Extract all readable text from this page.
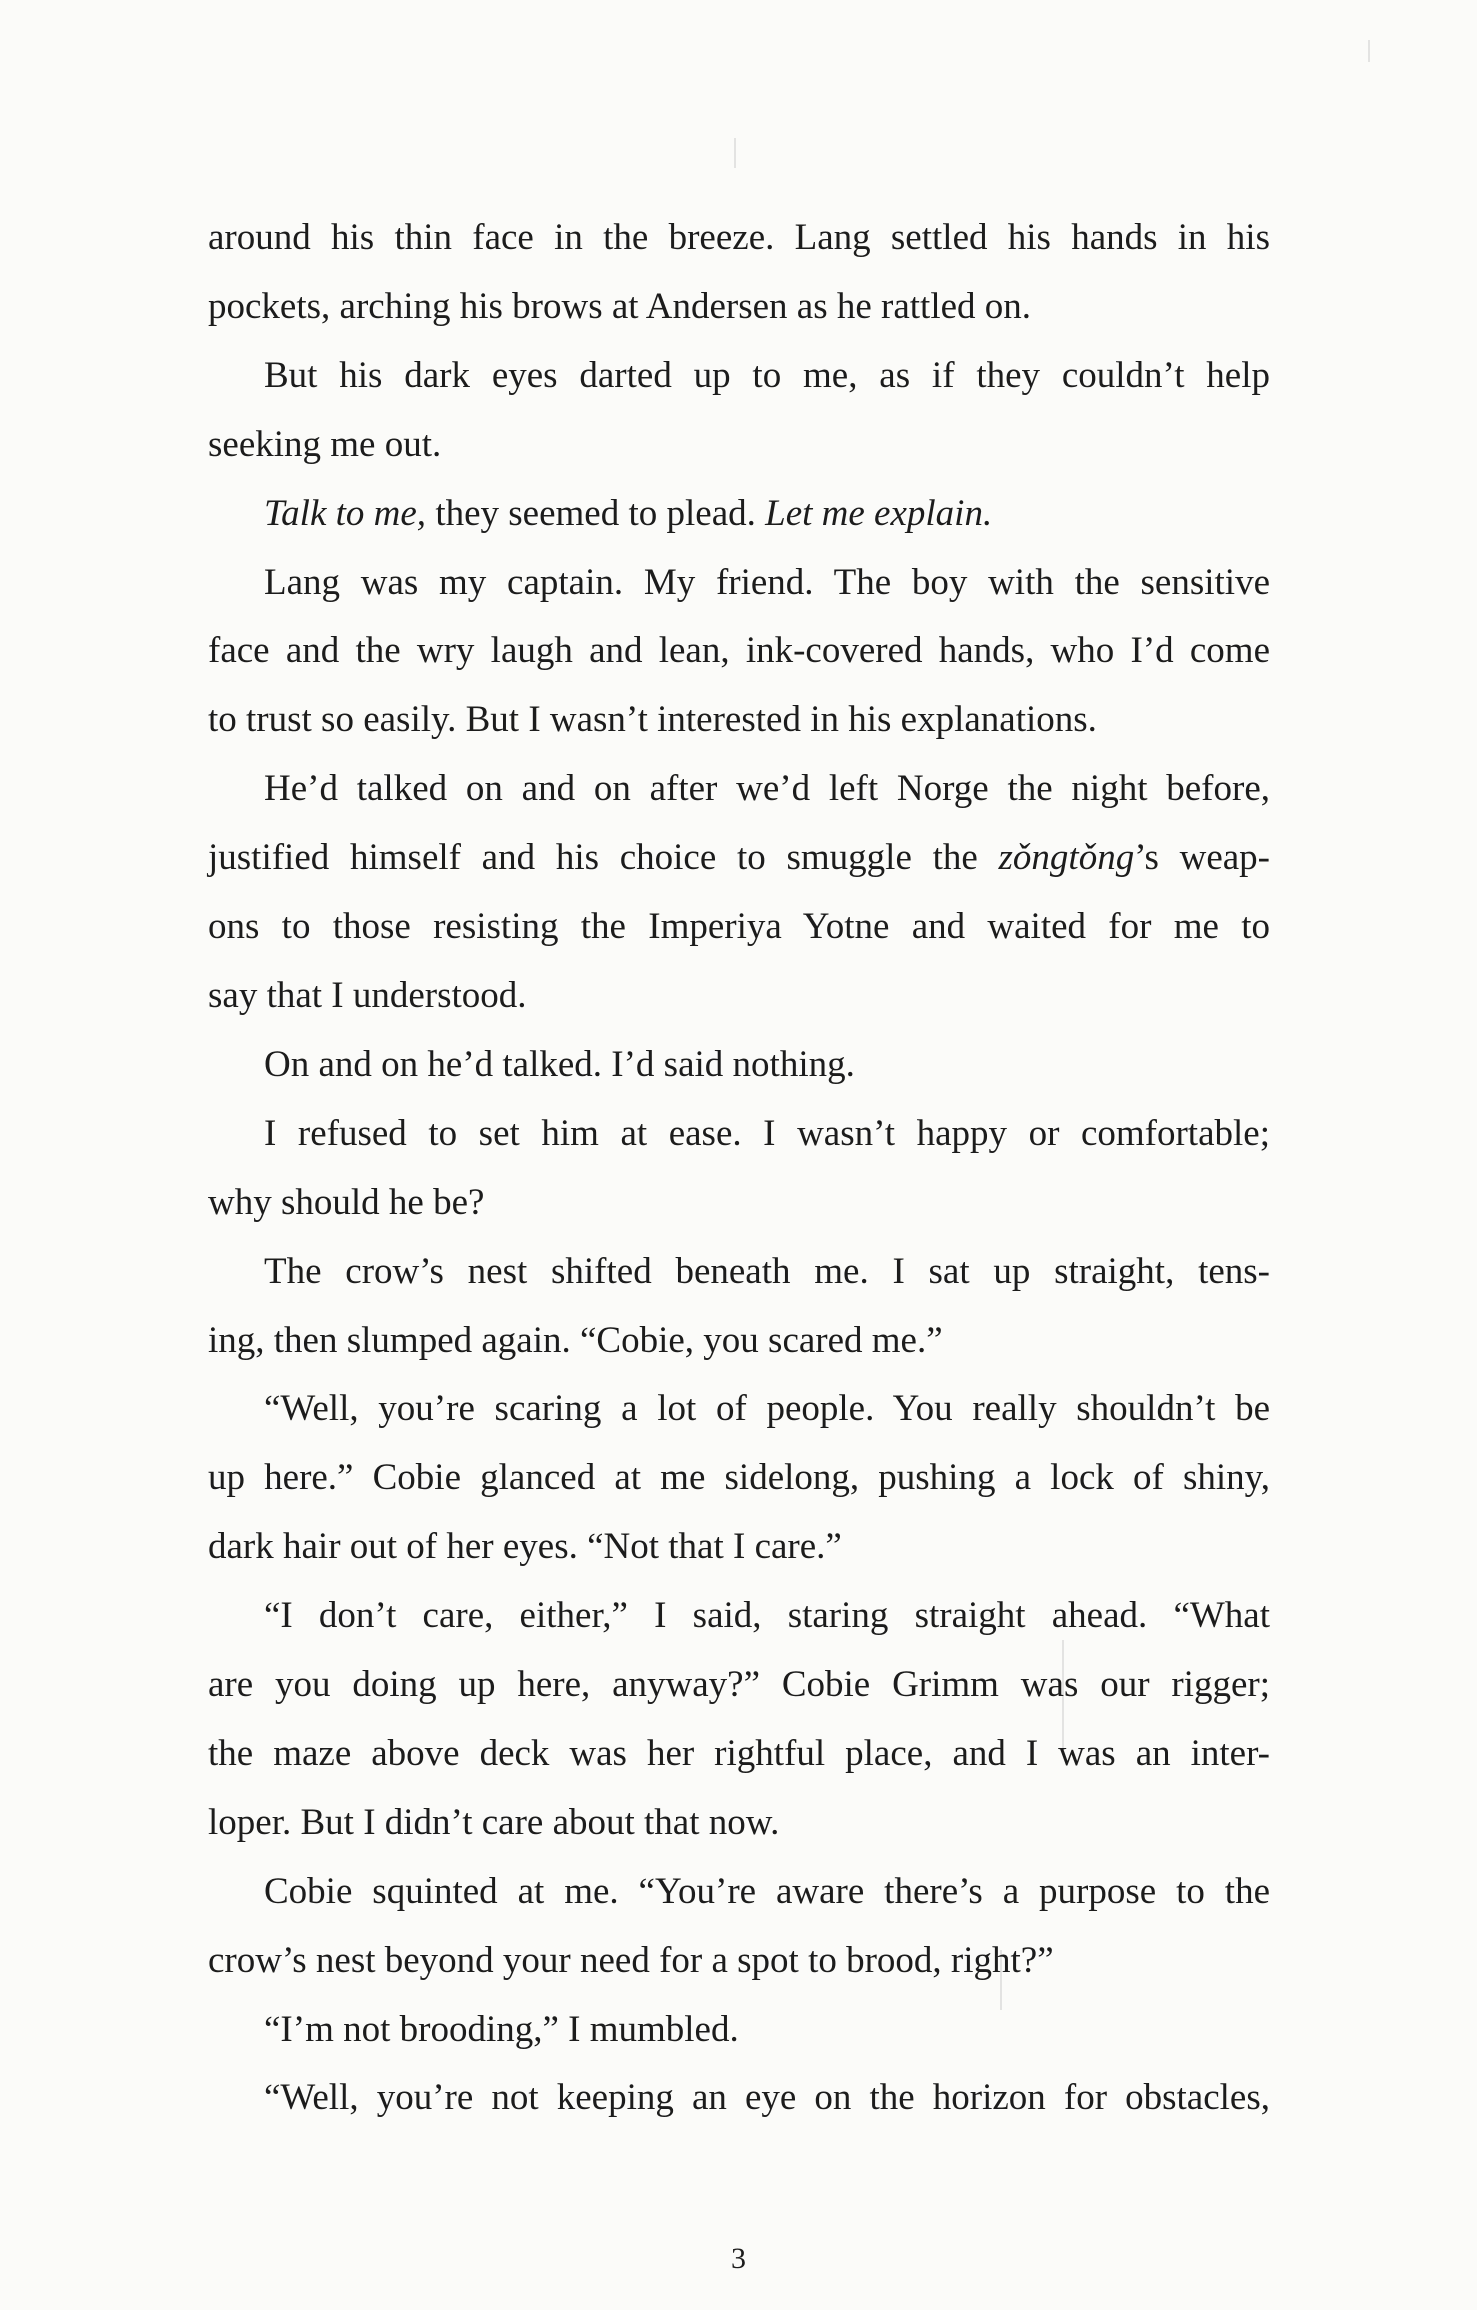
around his thin face in the breeze. Lang settled his hands in his
pockets, arching his brows at Andersen as he rattled on.

But his dark eyes darted up to me, as if they couldn’t help
seeking me out.

Talk to me, they seemed to plead. Let me explain.

Lang was my captain. My friend. The boy with the sensitive
face and the wry laugh and lean, ink-covered hands, who I’d come
to trust so easily. But I wasn’t interested in his explanations.

He’d talked on and on after we’d left Norge the night before,
justified himself and his choice to smuggle the zǒngtǒng’s weap-
ons to those resisting the Imperiya Yotne and waited for me to
say that I understood.

On and on he’d talked. I’d said nothing.

I refused to set him at ease. I wasn’t happy or comfortable;
why should he be?

The crow’s nest shifted beneath me. I sat up straight, tens-
ing, then slumped again. “Cobie, you scared me.”

“Well, you’re scaring a lot of people. You really shouldn’t be
up here.” Cobie glanced at me sidelong, pushing a lock of shiny,
dark hair out of her eyes. “Not that I care.”

“I don’t care, either,” I said, staring straight ahead. “What
are you doing up here, anyway?” Cobie Grimm was our rigger;
the maze above deck was her rightful place, and I was an inter-
loper. But I didn’t care about that now.

Cobie squinted at me. “You’re aware there’s a purpose to the
crow’s nest beyond your need for a spot to brood, right?”

“I’m not brooding,” I mumbled.

“Well, you’re not keeping an eye on the horizon for obstacles,

3
